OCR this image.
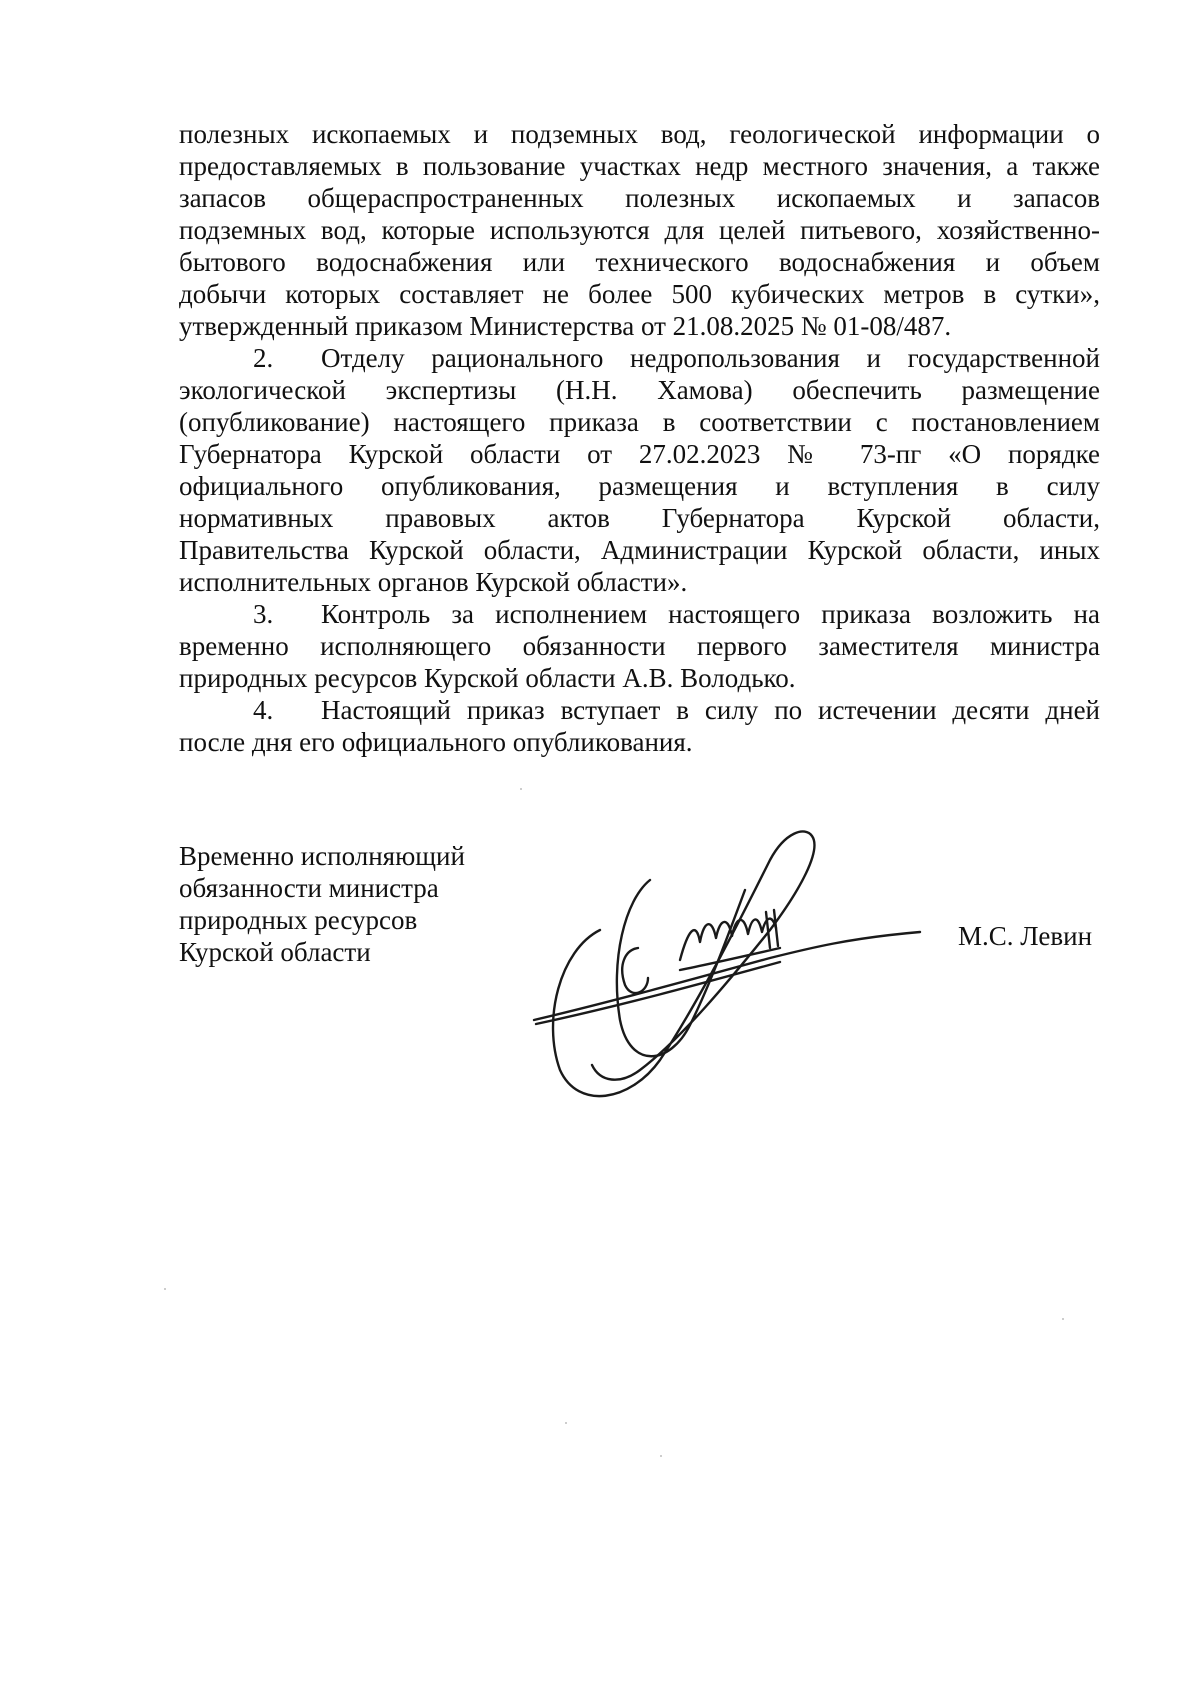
полезных ископаемых и подземных вод, геологической информации о
предоставляемых в пользование участках недр местного значения, а также
запасов общераспространенных полезных ископаемых и запасов
подземных вод, которые используются для целей питьевого, хозяйственно-
бытового водоснабжения или технического водоснабжения и объем
добычи которых составляет не более 500 кубических метров в сутки»,
утвержденный приказом Министерства от 21.08.2025 № 01-08/487.
2. Отделу рационального недропользования и государственной
экологической экспертизы (Н.Н. Хамова) обеспечить размещение
(опубликование) настоящего приказа в соответствии с постановлением
Губернатора Курской области от 27.02.2023 № 73-пг «О порядке
официального опубликования, размещения и вступления в силу
нормативных правовых актов Губернатора Курской области,
Правительства Курской области, Администрации Курской области, иных
исполнительных органов Курской области».
3. Контроль за исполнением настоящего приказа возложить на
временно исполняющего обязанности первого заместителя министра
природных ресурсов Курской области А.В. Володько.
4. Настоящий приказ вступает в силу по истечении десяти дней
после дня его официального опубликования.
Временно исполняющий
обязанности министра
природных ресурсов
Курской области
М.С. Левин
